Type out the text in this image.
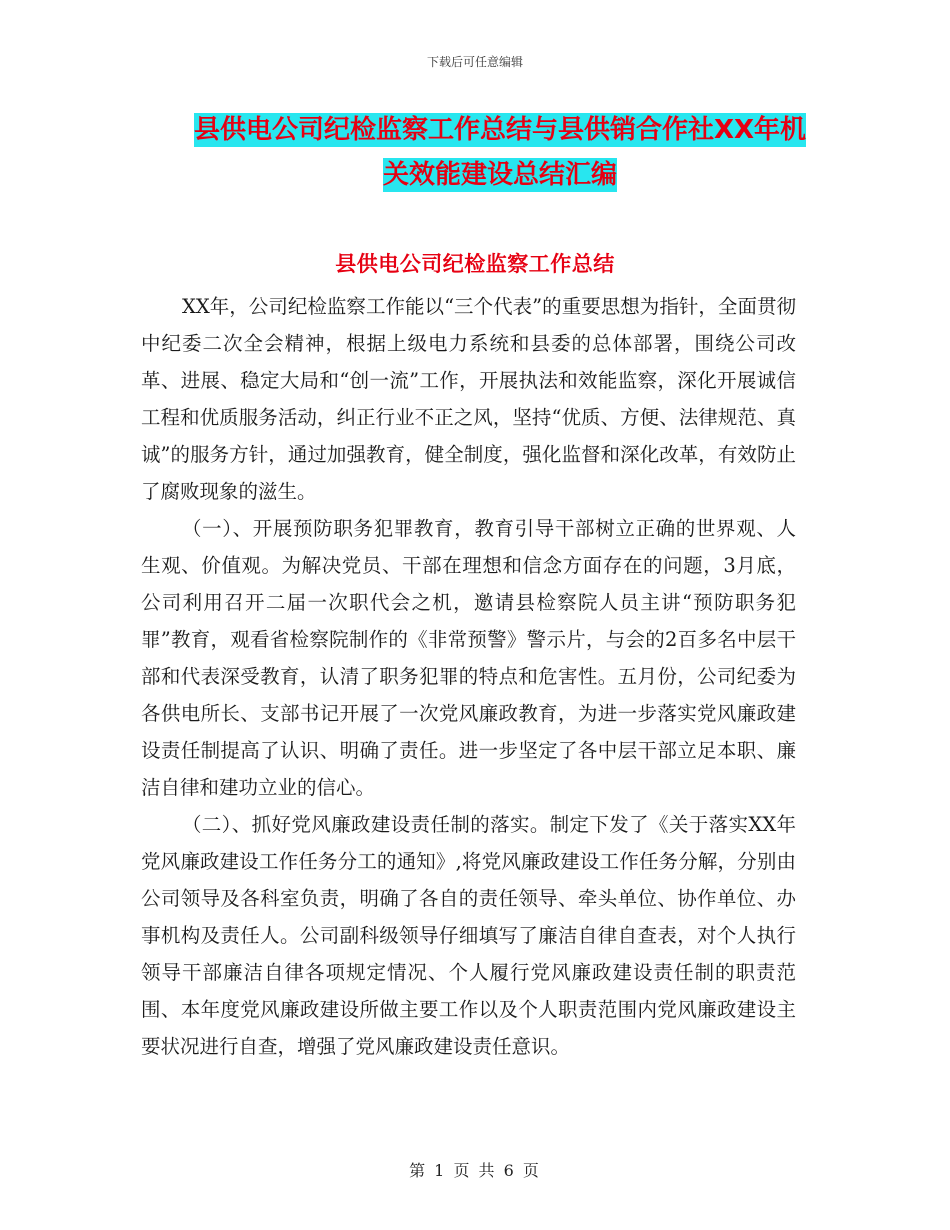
下载后可任意编辑
县供电公司纪检监察工作总结与县供销合作社XX年机
关效能建设总结汇编
县供电公司纪检监察工作总结

XX年，公司纪检监察工作能以“三个代表”的重要思想为指针，全面贯彻中纪委二次全会精神，根据上级电力系统和县委的总体部署，围绕公司改革、进展、稳定大局和“创一流”工作，开展执法和效能监察，深化开展诚信工程和优质服务活动，纠正行业不正之风，坚持“优质、方便、法律规范、真诚”的服务方针，通过加强教育，健全制度，强化监督和深化改革，有效防止了腐败现象的滋生。

（一）、开展预防职务犯罪教育，教育引导干部树立正确的世界观、人生观、价值观。为解决党员、干部在理想和信念方面存在的问题，3月底，公司利用召开二届一次职代会之机，邀请县检察院人员主讲“预防职务犯罪”教育，观看省检察院制作的《非常预警》警示片，与会的2百多名中层干部和代表深受教育，认清了职务犯罪的特点和危害性。五月份，公司纪委为各供电所长、支部书记开展了一次党风廉政教育，为进一步落实党风廉政建设责任制提高了认识、明确了责任。进一步坚定了各中层干部立足本职、廉洁自律和建功立业的信心。

（二）、抓好党风廉政建设责任制的落实。制定下发了《关于落实XX年党风廉政建设工作任务分工的通知》,将党风廉政建设工作任务分解，分别由公司领导及各科室负责，明确了各自的责任领导、牵头单位、协作单位、办事机构及责任人。公司副科级领导仔细填写了廉洁自律自查表，对个人执行领导干部廉洁自律各项规定情况、个人履行党风廉政建设责任制的职责范围、本年度党风廉政建设所做主要工作以及个人职责范围内党风廉政建设主要状况进行自查，增强了党风廉政建设责任意识。

第 1 页 共 6 页
